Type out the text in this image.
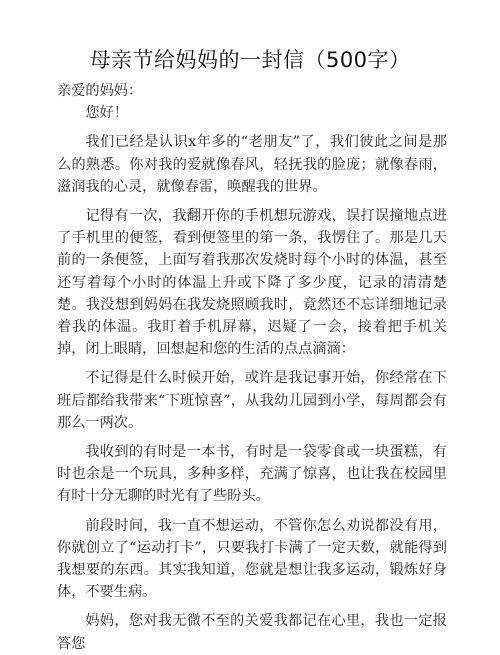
母亲节给妈妈的一封信（500字）

亲爱的妈妈：

您好！

我们已经是认识x年多的“老朋友”了，我们彼此之间是那么的熟悉。你对我的爱就像春风，轻抚我的脸庞；就像春雨，滋润我的心灵，就像春雷，唤醒我的世界。

记得有一次，我翻开你的手机想玩游戏，误打误撞地点进了手机里的便签，看到便签里的第一条，我愣住了。那是几天前的一条便签，上面写着我那次发烧时每个小时的体温，甚至还写着每个小时的体温上升或下降了多少度，记录的清清楚楚。我没想到妈妈在我发烧照顾我时，竟然还不忘详细地记录着我的体温。我盯着手机屏幕，迟疑了一会，接着把手机关掉，闭上眼睛，回想起和您的生活的点点滴滴：

不记得是什么时候开始，或许是我记事开始，你经常在下班后都给我带来“下班惊喜”，从我幼儿园到小学，每周都会有那么一两次。

我收到的有时是一本书，有时是一袋零食或一块蛋糕，有时也余是一个玩具，多种多样，充满了惊喜，也让我在校园里有时十分无聊的时光有了些盼头。

前段时间，我一直不想运动，不管你怎么劝说都没有用，你就创立了“运动打卡”，只要我打卡满了一定天数，就能得到我想要的东西。其实我知道，您就是想让我多运动，锻炼好身体，不要生病。

妈妈，您对我无微不至的关爱我都记在心里，我也一定报答您
